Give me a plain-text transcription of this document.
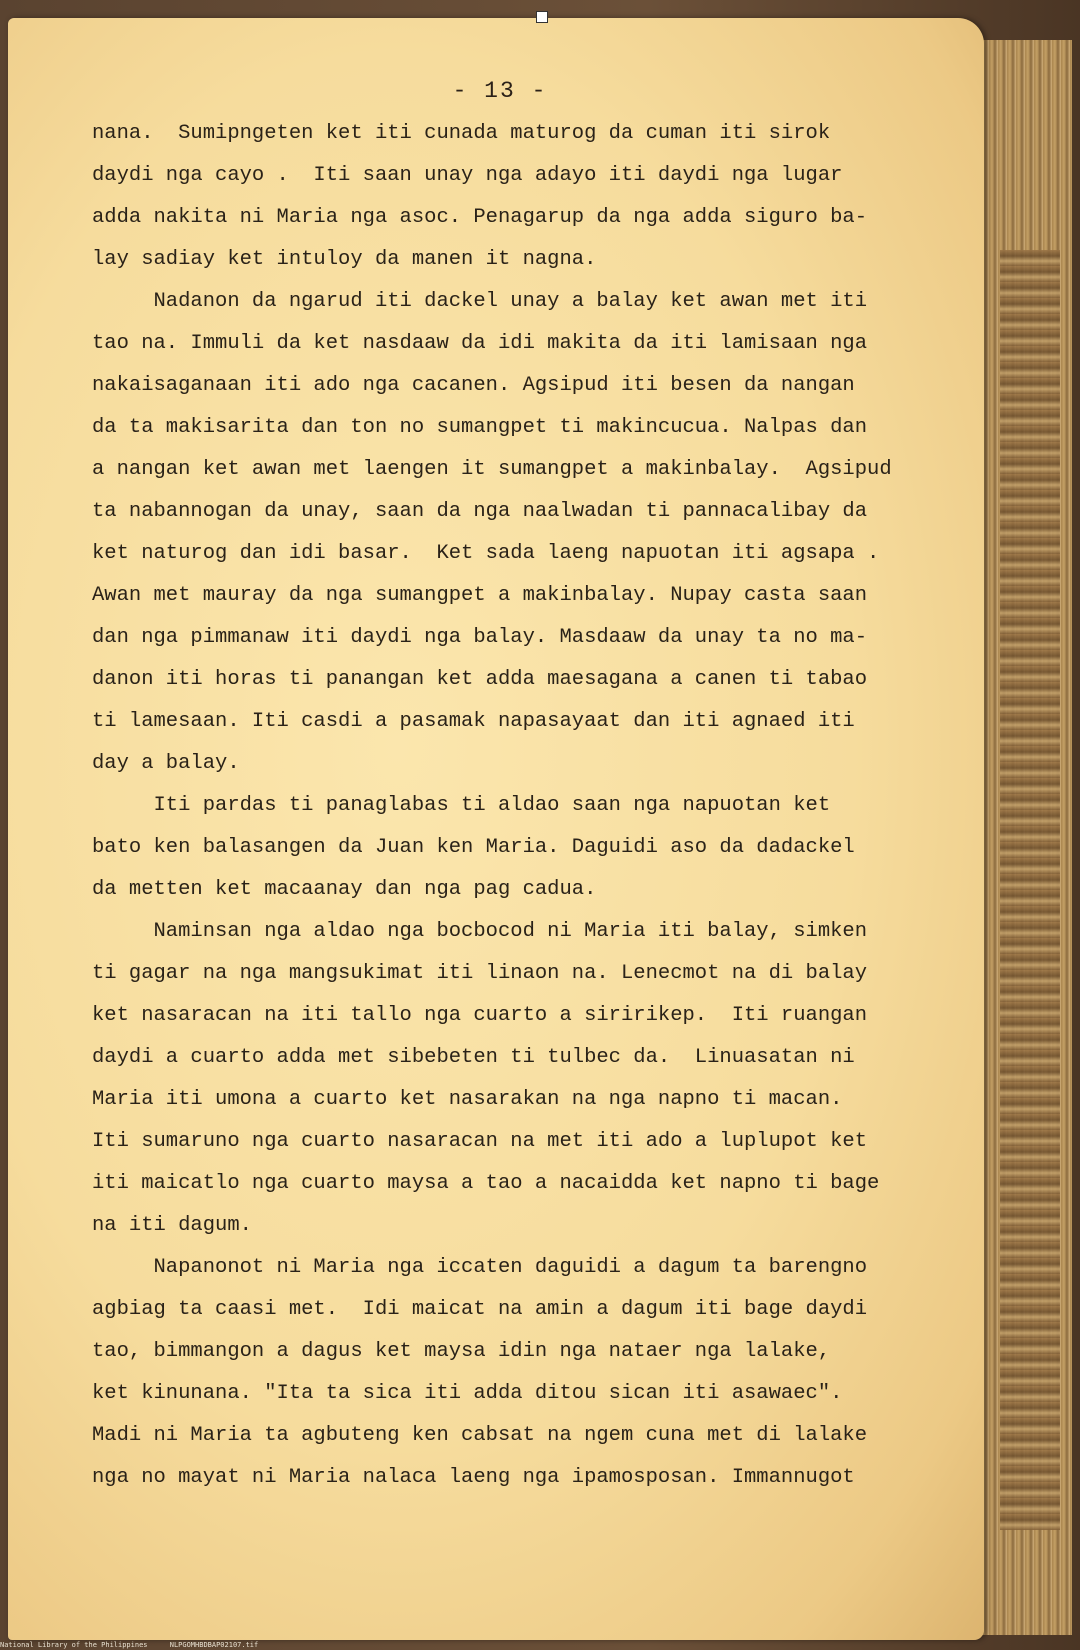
- 13 -
nana.  Sumipngeten ket iti cunada maturog da cuman iti sirok
daydi nga cayo .  Iti saan unay nga adayo iti daydi nga lugar
adda nakita ni Maria nga asoc. Penagarup da nga adda siguro ba-
lay sadiay ket intuloy da manen it nagna.
Nadanon da ngarud iti dackel unay a balay ket awan met iti
tao na. Immuli da ket nasdaaw da idi makita da iti lamisaan nga
nakaisaganaan iti ado nga cacanen. Agsipud iti besen da nangan
da ta makisarita dan ton no sumangpet ti makincucua. Nalpas dan
a nangan ket awan met laengen it sumangpet a makinbalay.  Agsipud
ta nabannogan da unay, saan da nga naalwadan ti pannacalibay da
ket naturog dan idi basar.  Ket sada laeng napuotan iti agsapa .
Awan met mauray da nga sumangpet a makinbalay. Nupay casta saan
dan nga pimmanaw iti daydi nga balay. Masdaaw da unay ta no ma-
danon iti horas ti panangan ket adda maesagana a canen ti tabao
ti lamesaan. Iti casdi a pasamak napasayaat dan iti agnaed iti
day a balay.
Iti pardas ti panaglabas ti aldao saan nga napuotan ket
bato ken balasangen da Juan ken Maria. Daguidi aso da dadackel
da metten ket macaanay dan nga pag cadua.
Naminsan nga aldao nga bocbocod ni Maria iti balay, simken
ti gagar na nga mangsukimat iti linaon na. Lenecmot na di balay
ket nasaracan na iti tallo nga cuarto a siririkep.  Iti ruangan
daydi a cuarto adda met sibebeten ti tulbec da.  Linuasatan ni
Maria iti umona a cuarto ket nasarakan na nga napno ti macan.
Iti sumaruno nga cuarto nasaracan na met iti ado a luplupot ket
iti maicatlo nga cuarto maysa a tao a nacaidda ket napno ti bage
na iti dagum.
Napanonot ni Maria nga iccaten daguidi a dagum ta barengno
agbiag ta caasi met.  Idi maicat na amin a dagum iti bage daydi
tao, bimmangon a dagus ket maysa idin nga nataer nga lalake,
ket kinunana. "Ita ta sica iti adda ditou sican iti asawaec".
Madi ni Maria ta agbuteng ken cabsat na ngem cuna met di lalake
nga no mayat ni Maria nalaca laeng nga ipamosposan. Immannugot
National Library of the Philippines	NLPGOMHBDBAP02107.tif
